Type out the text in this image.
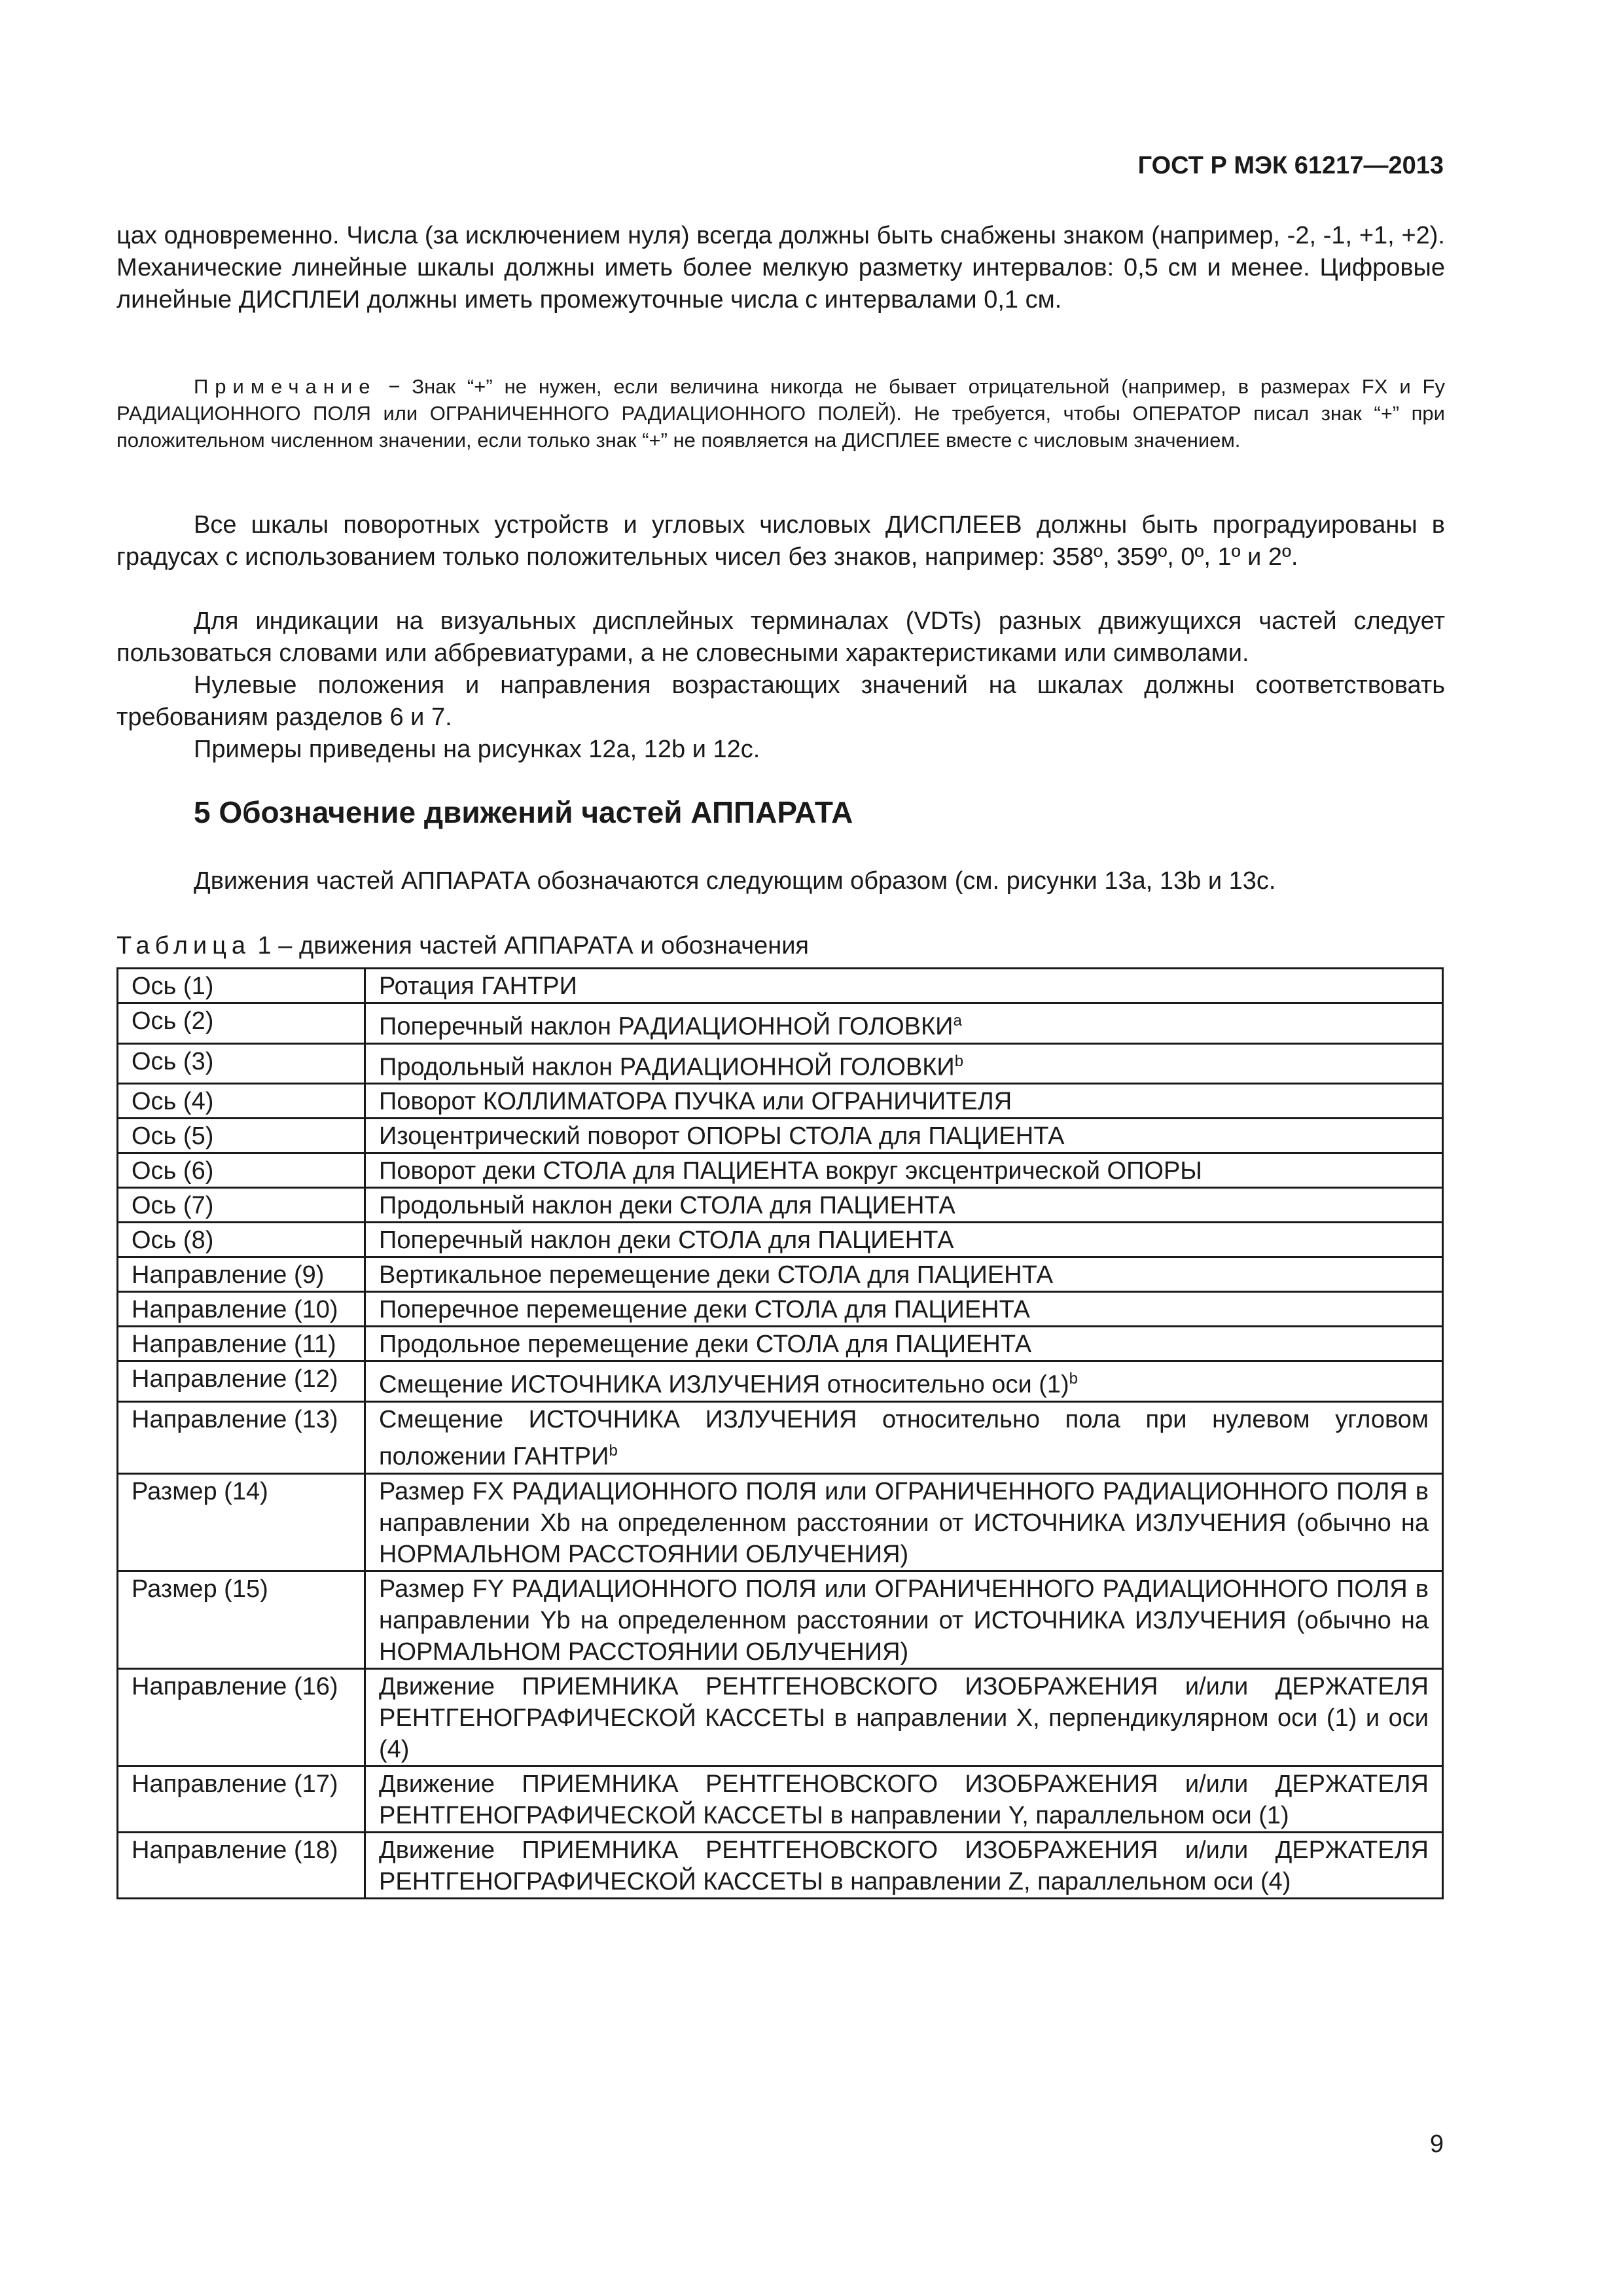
ГОСТ Р МЭК 61217—2013

цах одновременно. Числа (за исключением нуля) всегда должны быть снабжены знаком (например, -2, -1, +1, +2). Механические линейные шкалы должны иметь более мелкую разметку интервалов: 0,5 см и менее. Цифровые линейные ДИСПЛЕИ должны иметь промежуточные числа с интервалами 0,1 см.

Примечание − Знак “+” не нужен, если величина никогда не бывает отрицательной (например, в размерах FX и Fy РАДИАЦИОННОГО ПОЛЯ или ОГРАНИЧЕННОГО РАДИАЦИОННОГО ПОЛЕЙ). Не требуется, чтобы ОПЕРАТОР писал знак “+” при положительном численном значении, если только знак “+” не появляется на ДИСПЛЕЕ вместе с числовым значением.

Все шкалы поворотных устройств и угловых числовых ДИСПЛЕЕВ должны быть проградуированы в градусах с использованием только положительных чисел без знаков, например: 358º, 359º, 0º, 1º и 2º.

Для индикации на визуальных дисплейных терминалах (VDTs) разных движущихся частей следует пользоваться словами или аббревиатурами, а не словесными характеристиками или символами.

Нулевые положения и направления возрастающих значений на шкалах должны соответствовать требованиям разделов 6 и 7.

Примеры приведены на рисунках 12a, 12b и 12c.

5 Обозначение движений частей АППАРАТА

Движения частей АППАРАТА обозначаются следующим образом (см. рисунки 13a, 13b и 13c.

Таблица 1 – движения частей АППАРАТА и обозначения

Ось (1)	Ротация ГАНТРИ
Ось (2)	Поперечный наклон РАДИАЦИОННОЙ ГОЛОВКИ$^a$
Ось (3)	Продольный наклон РАДИАЦИОННОЙ ГОЛОВКИ$^b$
Ось (4)	Поворот КОЛЛИМАТОРА ПУЧКА или ОГРАНИЧИТЕЛЯ
Ось (5)	Изоцентрический поворот ОПОРЫ СТОЛА для ПАЦИЕНТА
Ось (6)	Поворот деки СТОЛА для ПАЦИЕНТА вокруг эксцентрической ОПОРЫ
Ось (7)	Продольный наклон деки СТОЛА для ПАЦИЕНТА
Ось (8)	Поперечный наклон деки СТОЛА для ПАЦИЕНТА
Направление (9)	Вертикальное перемещение деки СТОЛА для ПАЦИЕНТА
Направление (10)	Поперечное перемещение деки СТОЛА для ПАЦИЕНТА
Направление (11)	Продольное перемещение деки СТОЛА для ПАЦИЕНТА
Направление (12)	Смещение ИСТОЧНИКА ИЗЛУЧЕНИЯ относительно оси $(1)^b$
Направление (13)	Смещение ИСТОЧНИКА ИЗЛУЧЕНИЯ относительно пола при нулевом угловом положении ГАНТРИ$^b$
Размер (14)	Размер FX РАДИАЦИОННОГО ПОЛЯ или ОГРАНИЧЕННОГО РАДИАЦИОННОГО ПОЛЯ в направлении Xb на определенном расстоянии от ИСТОЧНИКА ИЗЛУЧЕНИЯ (обычно на НОРМАЛЬНОМ РАССТОЯНИИ ОБЛУЧЕНИЯ)
Размер (15)	Размер FY РАДИАЦИОННОГО ПОЛЯ или ОГРАНИЧЕННОГО РАДИАЦИОННОГО ПОЛЯ в направлении Yb на определенном расстоянии от ИСТОЧНИКА ИЗЛУЧЕНИЯ (обычно на НОРМАЛЬНОМ РАССТОЯНИИ ОБЛУЧЕНИЯ)
Направление (16)	Движение ПРИЕМНИКА РЕНТГЕНОВСКОГО ИЗОБРАЖЕНИЯ и/или ДЕРЖАТЕЛЯ РЕНТГЕНОГРАФИЧЕСКОЙ КАССЕТЫ в направлении X, перпендикулярном оси (1) и оси (4)
Направление (17)	Движение ПРИЕМНИКА РЕНТГЕНОВСКОГО ИЗОБРАЖЕНИЯ и/или ДЕРЖАТЕЛЯ РЕНТГЕНОГРАФИЧЕСКОЙ КАССЕТЫ в направлении Y, параллельном оси (1)
Направление (18)	Движение ПРИЕМНИКА РЕНТГЕНОВСКОГО ИЗОБРАЖЕНИЯ и/или ДЕРЖАТЕЛЯ РЕНТГЕНОГРАФИЧЕСКОЙ КАССЕТЫ в направлении Z, параллельном оси (4)
9
